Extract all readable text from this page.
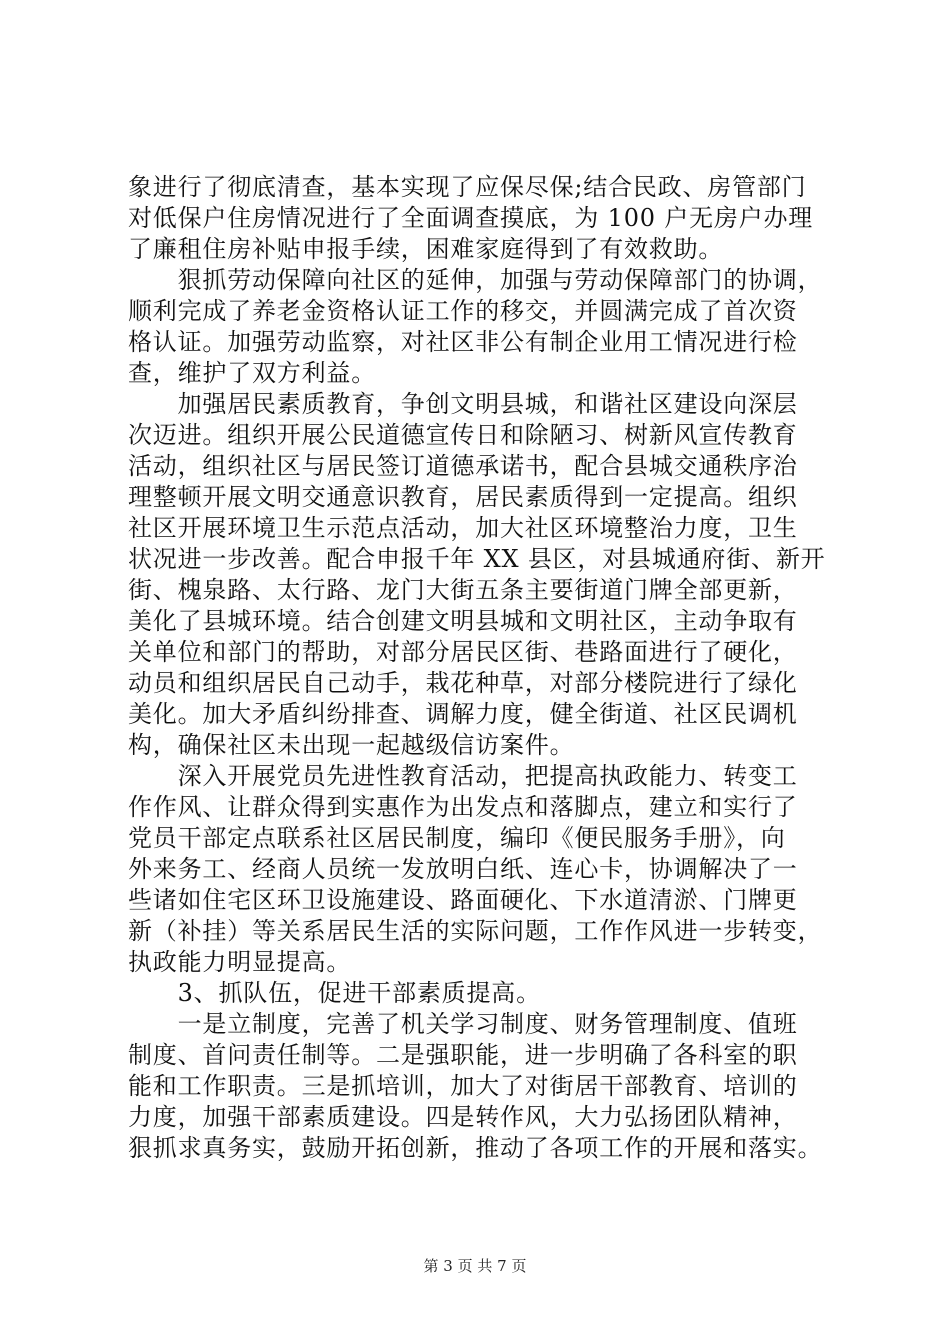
象进行了彻底清查，基本实现了应保尽保;结合民政、房管部门
对低保户住房情况进行了全面调查摸底，为 100 户无房户办理
了廉租住房补贴申报手续，困难家庭得到了有效救助。
　　狠抓劳动保障向社区的延伸，加强与劳动保障部门的协调，
顺利完成了养老金资格认证工作的移交，并圆满完成了首次资
格认证。加强劳动监察，对社区非公有制企业用工情况进行检
查，维护了双方利益。
　　加强居民素质教育，争创文明县城，和谐社区建设向深层
次迈进。组织开展公民道德宣传日和除陋习、树新风宣传教育
活动，组织社区与居民签订道德承诺书，配合县城交通秩序治
理整顿开展文明交通意识教育，居民素质得到一定提高。组织
社区开展环境卫生示范点活动，加大社区环境整治力度，卫生
状况进一步改善。配合申报千年 XX 县区，对县城通府街、新开
街、槐泉路、太行路、龙门大街五条主要街道门牌全部更新，
美化了县城环境。结合创建文明县城和文明社区，主动争取有
关单位和部门的帮助，对部分居民区街、巷路面进行了硬化，
动员和组织居民自己动手，栽花种草，对部分楼院进行了绿化
美化。加大矛盾纠纷排查、调解力度，健全街道、社区民调机
构，确保社区未出现一起越级信访案件。
　　深入开展党员先进性教育活动，把提高执政能力、转变工
作作风、让群众得到实惠作为出发点和落脚点，建立和实行了
党员干部定点联系社区居民制度，编印《便民服务手册》，向
外来务工、经商人员统一发放明白纸、连心卡，协调解决了一
些诸如住宅区环卫设施建设、路面硬化、下水道清淤、门牌更
新（补挂）等关系居民生活的实际问题，工作作风进一步转变，
执政能力明显提高。
　　3、抓队伍，促进干部素质提高。
　　一是立制度，完善了机关学习制度、财务管理制度、值班
制度、首问责任制等。二是强职能，进一步明确了各科室的职
能和工作职责。三是抓培训，加大了对街居干部教育、培训的
力度，加强干部素质建设。四是转作风，大力弘扬团队精神，
狠抓求真务实，鼓励开拓创新，推动了各项工作的开展和落实。
第 3 页 共 7 页
